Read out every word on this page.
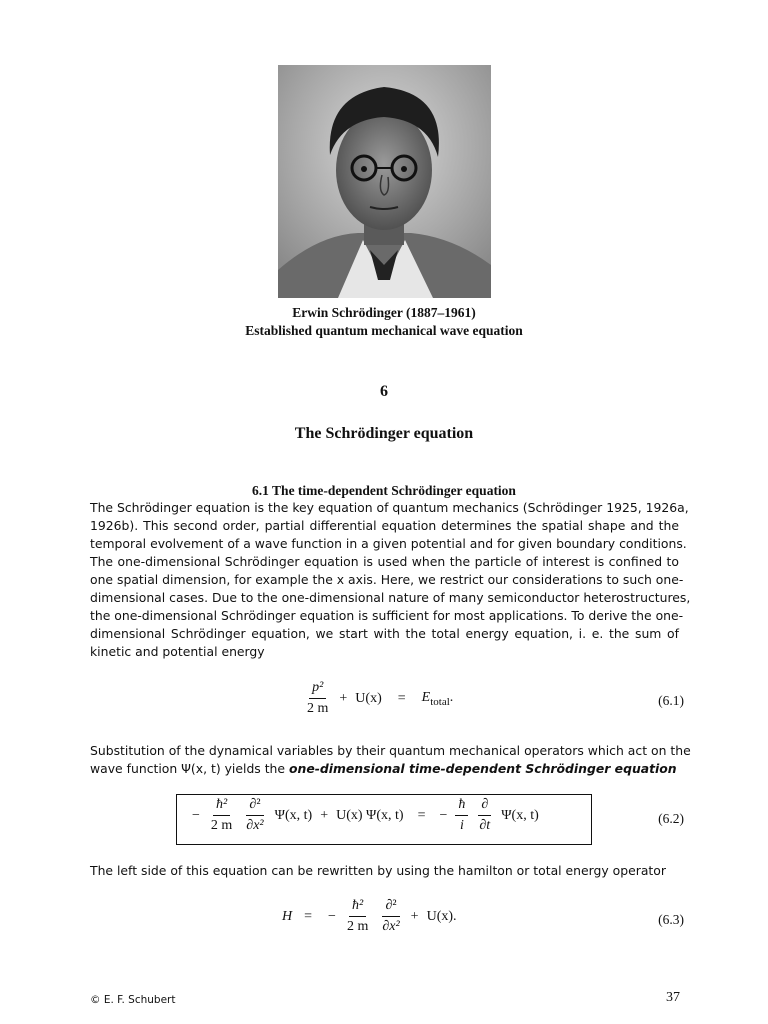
Erwin Schrödinger (1887–1961)
Established quantum mechanical wave equation
6
The Schrödinger equation
6.1 The time-dependent Schrödinger equation
The Schrödinger equation is the key equation of quantum mechanics (Schrödinger 1925, 1926a,
1926b). This second order, partial differential equation determines the spatial shape and the
temporal evolvement of a wave function in a given potential and for given boundary conditions.
The one-dimensional Schrödinger equation is used when the particle of interest is confined to
one spatial dimension, for example the x axis. Here, we restrict our considerations to such one-
dimensional cases. Due to the one-dimensional nature of many semiconductor heterostructures,
the one-dimensional Schrödinger equation is sufficient for most applications. To derive the one-
dimensional Schrödinger equation, we start with the total energy equation, i. e. the sum of
kinetic and potential energy
$\frac{\text{p²}}{2 m} + U(x) = E_{total}$.	(6.1)
Substitution of the dynamical variables by their quantum mechanical operators which act on the
wave function Ψ(x, t) yields the one-dimensional time-dependent Schrödinger equation
− $\frac{\text{ħ²}}{2 m} \frac{\text{∂²}}{\text{∂x²}} \Psi(x$, t) + U(x) Ψ(x, t) = − $\frac{ħ}{i} \frac{\partial}{\partial t} \Psi(x$, t)	(6.2)
The left side of this equation can be rewritten by using the hamilton or total energy operator
H = − $\frac{\text{ħ²}}{2 m} \frac{\text{∂²}}{\text{∂x²}} + U(x)$.	(6.3)
© E. F. Schubert	37
